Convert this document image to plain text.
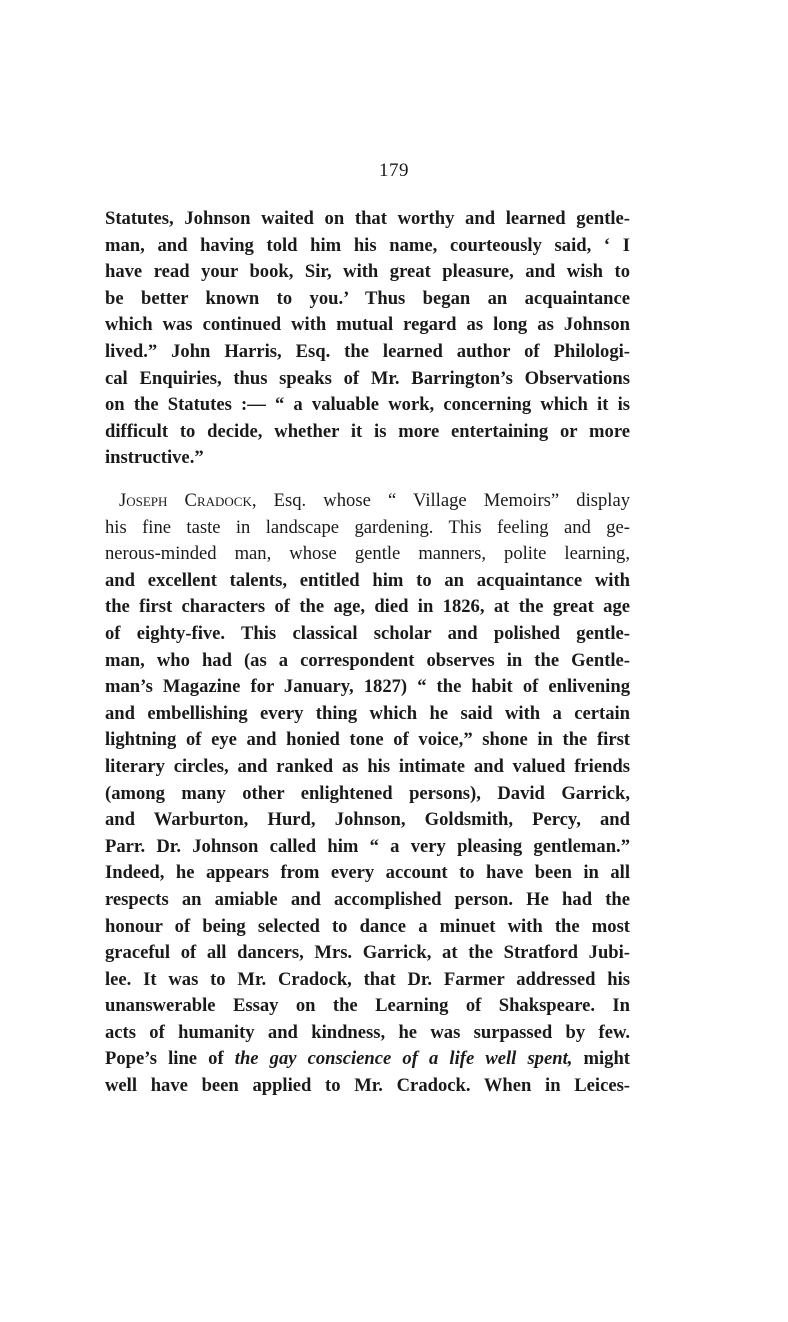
179
Statutes, Johnson waited on that worthy and learned gentle-
man, and having told him his name, courteously said, ‘ I
have read your book, Sir, with great pleasure, and wish to
be better known to you.’ Thus began an acquaintance
which was continued with mutual regard as long as Johnson
lived.” John Harris, Esq. the learned author of Philologi-
cal Enquiries, thus speaks of Mr. Barrington’s Observations
on the Statutes :— “ a valuable work, concerning which it is
difficult to decide, whether it is more entertaining or more
instructive.”
Joseph Cradock, Esq. whose “ Village Memoirs” display
his fine taste in landscape gardening. This feeling and ge-
nerous-minded man, whose gentle manners, polite learning,
and excellent talents, entitled him to an acquaintance with
the first characters of the age, died in 1826, at the great age
of eighty-five. This classical scholar and polished gentle-
man, who had (as a correspondent observes in the Gentle-
man’s Magazine for January, 1827) “ the habit of enlivening
and embellishing every thing which he said with a certain
lightning of eye and honied tone of voice,” shone in the first
literary circles, and ranked as his intimate and valued friends
(among many other enlightened persons), David Garrick,
and Warburton, Hurd, Johnson, Goldsmith, Percy, and
Parr. Dr. Johnson called him “ a very pleasing gentleman.”
Indeed, he appears from every account to have been in all
respects an amiable and accomplished person. He had the
honour of being selected to dance a minuet with the most
graceful of all dancers, Mrs. Garrick, at the Stratford Jubi-
lee. It was to Mr. Cradock, that Dr. Farmer addressed his
unanswerable Essay on the Learning of Shakspeare. In
acts of humanity and kindness, he was surpassed by few.
Pope’s line of the gay conscience of a life well spent, might
well have been applied to Mr. Cradock. When in Leices-
